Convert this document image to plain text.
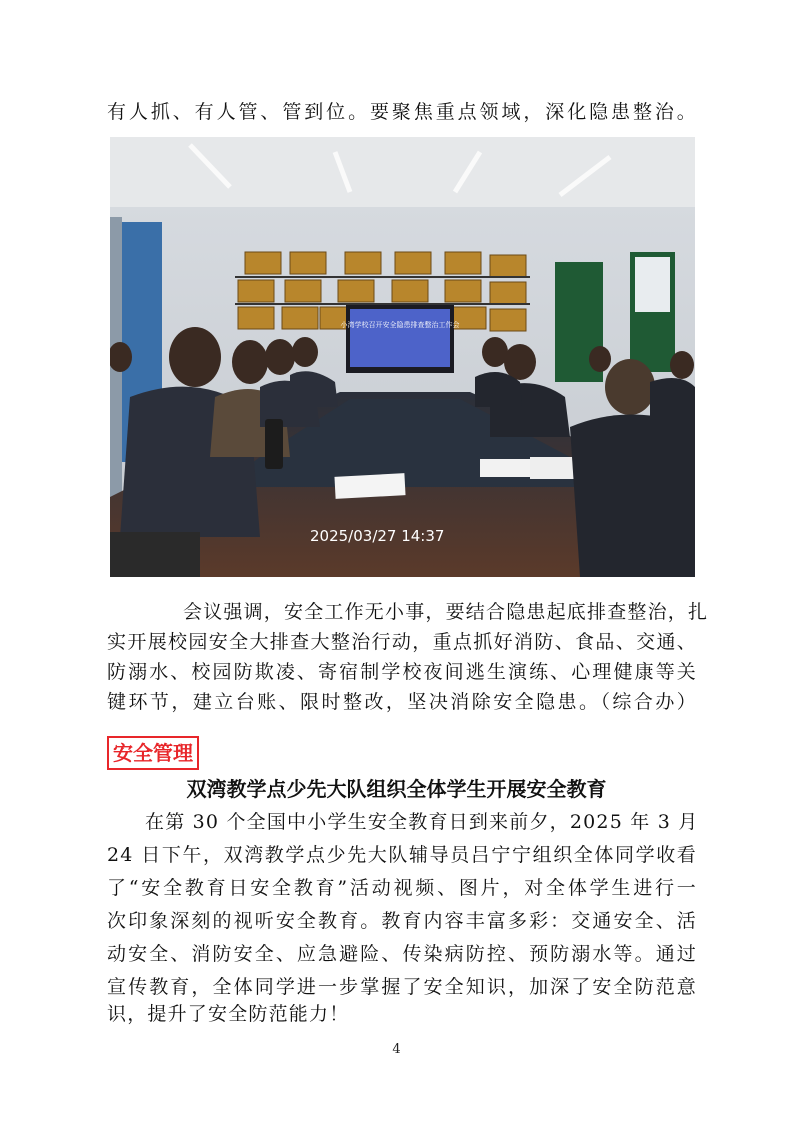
有人抓、有人管、管到位。要聚焦重点领域，深化隐患整治。
小湾学校召开安全隐患排查整治工作会
2025/03/27 14:37
会议强调，安全工作无小事，要结合隐患起底排查整治，扎
实开展校园安全大排查大整治行动，重点抓好消防、食品、交通、
防溺水、校园防欺凌、寄宿制学校夜间逃生演练、心理健康等关
键环节，建立台账、限时整改，坚决消除安全隐患。（综合办）
安全管理
双湾教学点少先大队组织全体学生开展安全教育
在第 30 个全国中小学生安全教育日到来前夕，2025 年 3 月
24 日下午，双湾教学点少先大队辅导员吕宁宁组织全体同学收看
了“安全教育日安全教育”活动视频、图片，对全体学生进行一
次印象深刻的视听安全教育。教育内容丰富多彩：交通安全、活
动安全、消防安全、应急避险、传染病防控、预防溺水等。通过
宣传教育，全体同学进一步掌握了安全知识，加深了安全防范意
识，提升了安全防范能力！
4
